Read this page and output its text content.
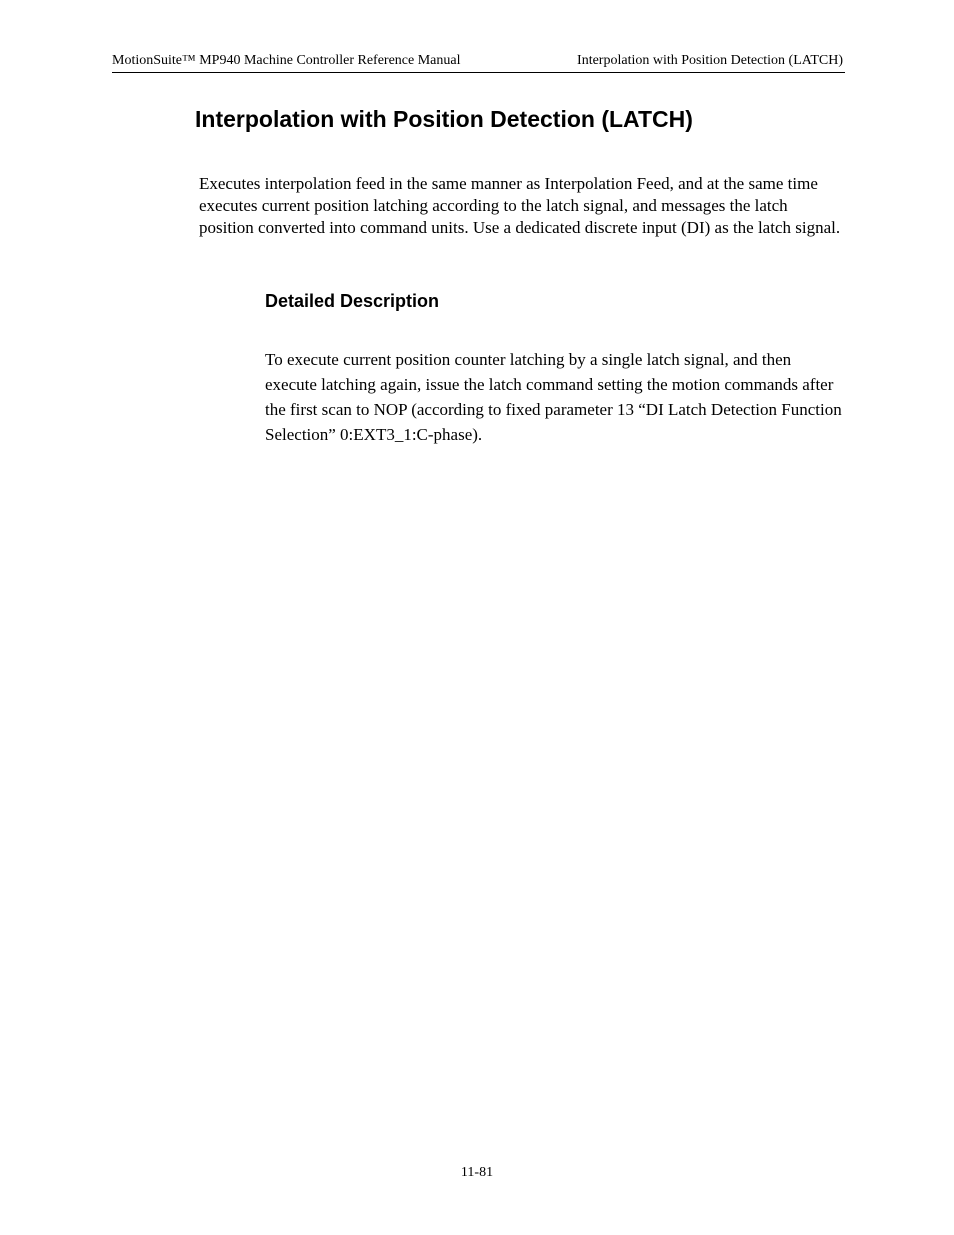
MotionSuite™ MP940 Machine Controller Reference Manual	Interpolation with Position Detection (LATCH)
Interpolation with Position Detection (LATCH)

Executes interpolation feed in the same manner as Interpolation Feed, and at the same time executes current position latching according to the latch signal, and messages the latch position converted into command units. Use a dedicated discrete input (DI) as the latch signal.

Detailed Description

To execute current position counter latching by a single latch signal, and then execute latching again, issue the latch command setting the motion commands after the first scan to NOP (according to fixed parameter 13 “DI Latch Detection Function Selection” 0:EXT3_1:C-phase).

11-81
